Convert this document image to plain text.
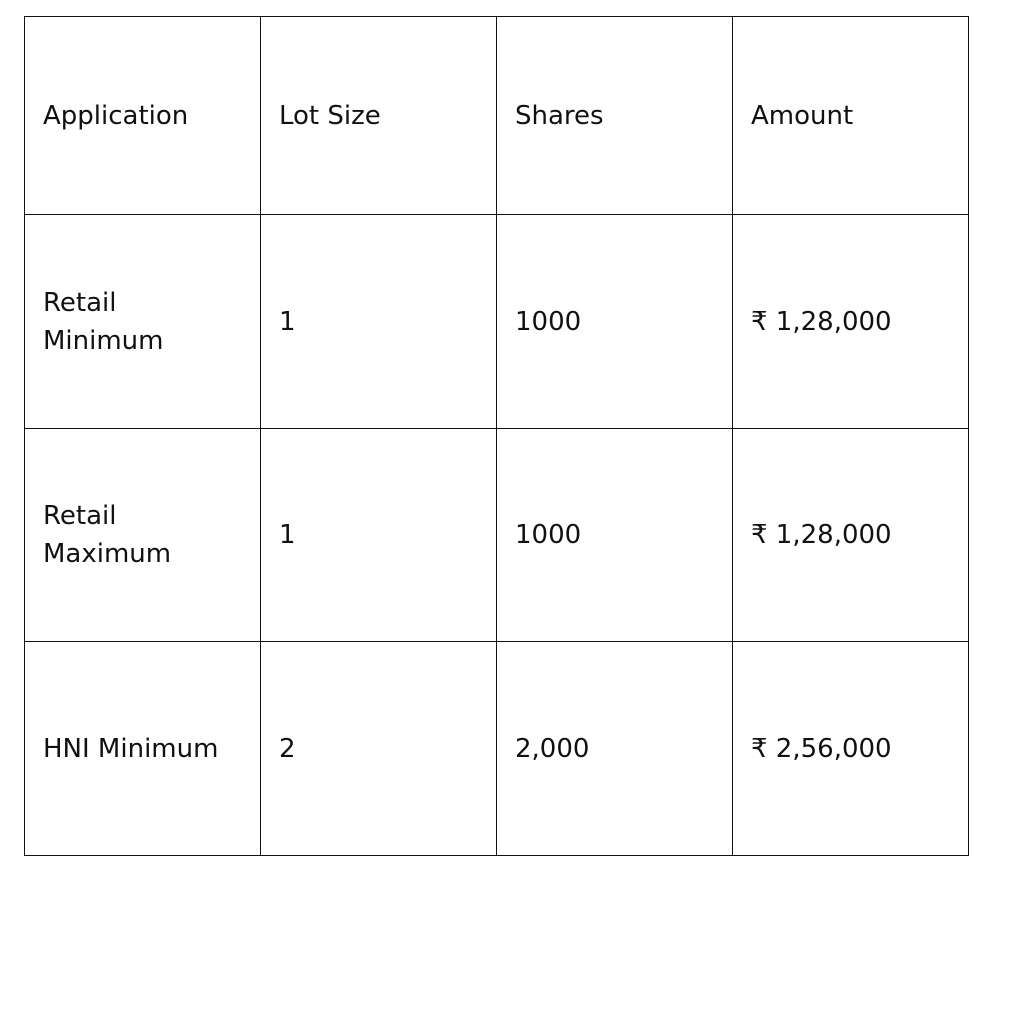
Application	Lot Size	Shares	Amount
Retail Minimum	1	1000	₹ 1,28,000
Retail Maximum	1	1000	₹ 1,28,000
HNI Minimum	2	2,000	₹ 2,56,000
